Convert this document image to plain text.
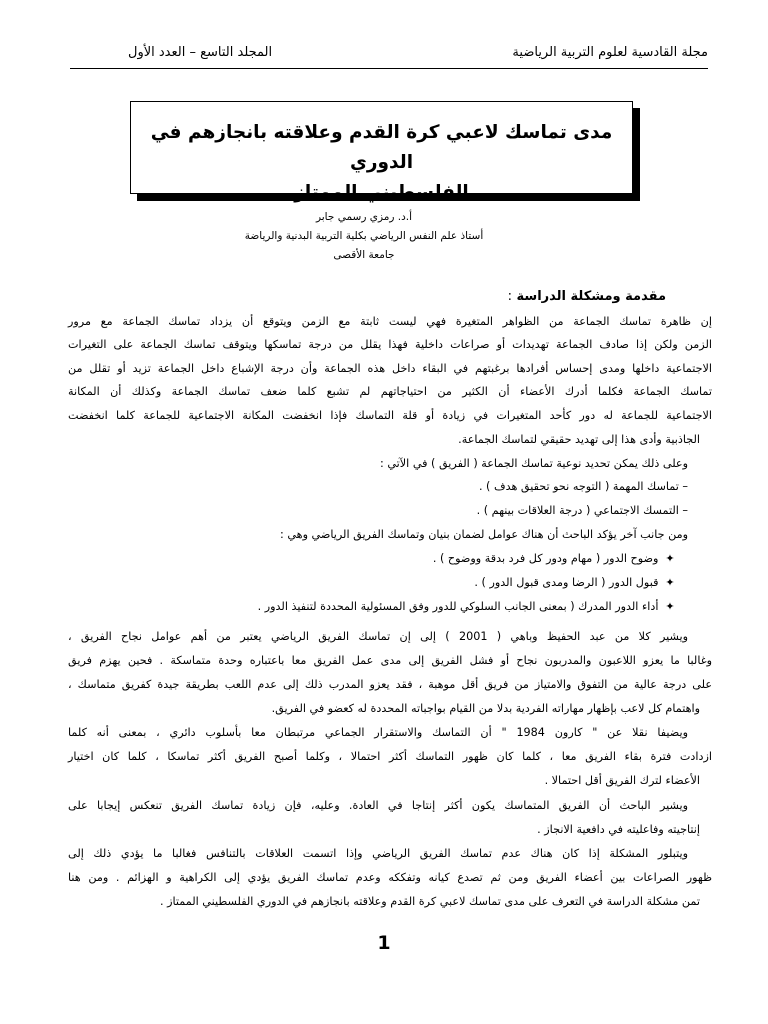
مجلة القادسية لعلوم التربية الرياضية
المجلد التاسع – العدد الأول
مدى تماسك لاعبي كرة القدم وعلاقته بانجازهم في الدوري
الفلسطيني الممتاز
أ.د. رمزي رسمي جابر
أستاذ علم النفس الرياضي بكلية التربية البدنية والرياضة
جامعة الأقصى
مقدمة ومشكلة الدراسة :
إن ظاهرة تماسك الجماعة من الظواهر المتغيرة فهي ليست ثابتة مع الزمن ويتوقع أن يزداد تماسك الجماعة مع مرور
الزمن ولكن إذا صادف الجماعة تهديدات أو صراعات داخلية فهذا يقلل من درجة تماسكها ويتوقف تماسك الجماعة على التغيرات
الاجتماعية داخلها ومدى إحساس أفرادها برغبتهم في البقاء داخل هذه الجماعة وأن درجة الإشباع داخل الجماعة تزيد أو تقلل من
تماسك الجماعة فكلما أدرك الأعضاء أن الكثير من احتياجاتهم لم تشبع كلما ضعف تماسك الجماعة وكذلك أن المكانة
الاجتماعية للجماعة له دور كأحد المتغيرات في زيادة أو قلة التماسك فإذا انخفضت المكانة الاجتماعية للجماعة كلما انخفضت
الجاذبية وأدى هذا إلى تهديد حقيقي لتماسك الجماعة.
وعلى ذلك يمكن تحديد نوعية تماسك الجماعة ( الفريق ) في الآتي :
– تماسك المهمة ( التوجه نحو تحقيق هدف ) .
– التمسك الاجتماعي ( درجة العلاقات بينهم ) .
ومن جانب آخر يؤكد الباحث أن هناك عوامل لضمان بنيان وتماسك الفريق الرياضي وهي :
✦ وضوح الدور ( مهام ودور كل فرد بدقة ووضوح ) .
✦ قبول الدور ( الرضا ومدى قبول الدور ) .
✦ أداء الدور المدرك ( بمعنى الجانب السلوكي للدور وفق المسئولية المحددة لتنفيذ الدور .
ويشير كلا من عبد الحفيظ وباهي ( 2001 ) إلى إن تماسك الفريق الرياضي يعتبر من أهم عوامل نجاح الفريق ،
وغالبا ما يعزو اللاعبون والمدربون نجاح أو فشل الفريق إلى مدى عمل الفريق معا باعتباره وحدة متماسكة . فحين يهزم فريق
على درجة عالية من التفوق والامتياز من فريق أقل موهبة ، فقد يعزو المدرب ذلك إلى عدم اللعب بطريقة جيدة كفريق متماسك ،
واهتمام كل لاعب بإظهار مهاراته الفردية بدلا من القيام بواجباته المحددة له كعضو في الفريق.
ويضيفا نقلا عن " كارون 1984 " أن التماسك والاستقرار الجماعي مرتبطان معا بأسلوب دائري ، بمعنى أنه كلما
ازدادت فترة بقاء الفريق معا ، كلما كان ظهور التماسك أكثر احتمالا ، وكلما أصبح الفريق أكثر تماسكا ، كلما كان اختيار
الأعضاء لترك الفريق أقل احتمالا .
ويشير الباحث أن الفريق المتماسك يكون أكثر إنتاجا في العادة. وعليه، فإن زيادة تماسك الفريق تنعكس إيجابا على
إنتاجيته وفاعليته في دافعية الانجاز .
ويتبلور المشكلة إذا كان هناك عدم تماسك الفريق الرياضي وإذا اتسمت العلاقات بالتنافس فغالبا ما يؤدي ذلك إلى
ظهور الصراعات بين أعضاء الفريق ومن ثم تصدع كيانه وتفككه وعدم تماسك الفريق يؤدي إلى الكراهية و الهزائم . ومن هنا
تمن مشكلة الدراسة في التعرف على مدى تماسك لاعبي كرة القدم وعلاقته بانجازهم في الدوري الفلسطيني الممتاز .
1
